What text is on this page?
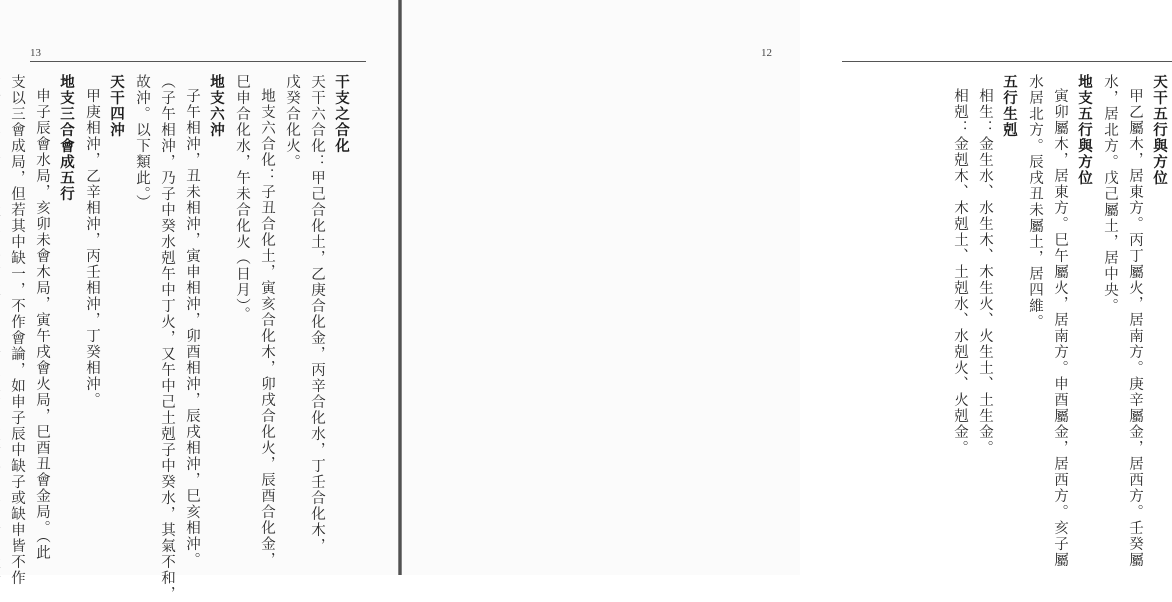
13
干支之合化
天干六合化：甲己合化土，乙庚合化金，丙辛合化水，丁壬合化木，
戊癸合化火。
地支六合化：子丑合化土，寅亥合化木，卯戌合化火，辰酉合化金，
巳申合化水，午未合化火（日月）。
地支六沖
子午相沖，丑未相沖，寅申相沖，卯酉相沖，辰戌相沖，巳亥相沖。
（子午相沖，乃子中癸水剋午中丁火，又午中己土剋子中癸水，其氣不和，
故沖。以下類此。）
天干四沖
甲庚相沖，乙辛相沖，丙壬相沖，丁癸相沖。
地支三合會成五行
申子辰會水局，亥卯未會木局，寅午戌會火局，巳酉丑會金局。（此
支以三會成局，但若其中缺一，不作會論，如申子辰中缺子或缺申皆不作
12
天干五行與方位
甲乙屬木，居東方。丙丁屬火，居南方。庚辛屬金，居西方。壬癸屬
水，居北方。戊己屬土，居中央。
地支五行與方位
寅卯屬木，居東方。巳午屬火，居南方。申酉屬金，居西方。亥子屬
水居北方。辰戌丑未屬土，居四維。
五行生剋
相生：金生水、水生木、木生火、火生土、土生金。
相剋：金剋木、木剋土、土剋水、水剋火、火剋金。
